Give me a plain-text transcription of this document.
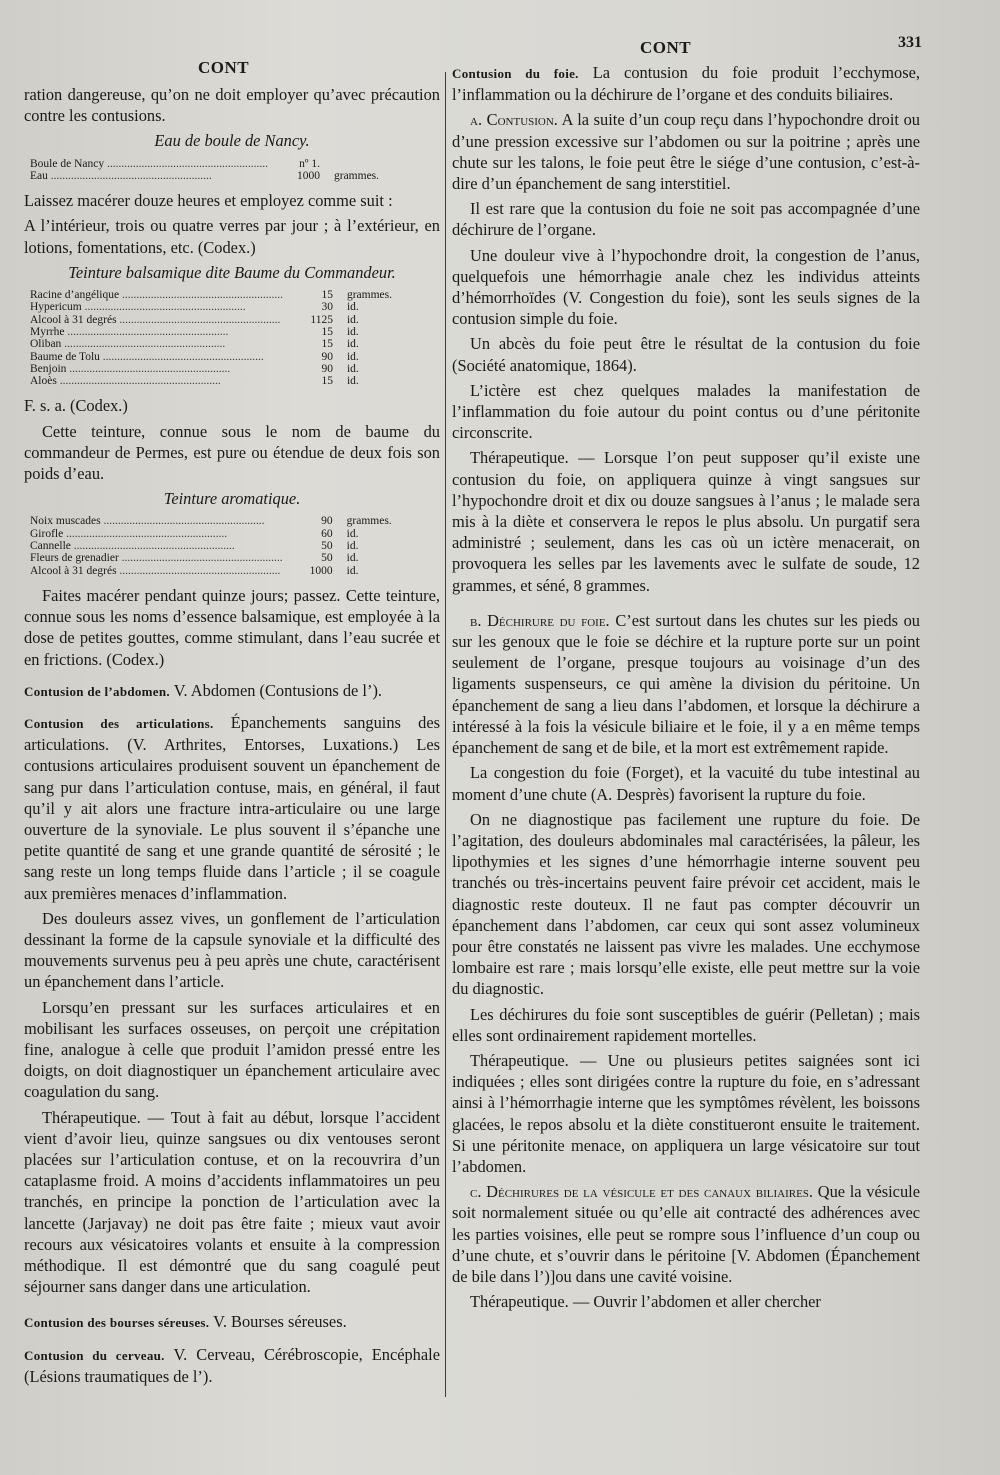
CONT
CONT	331

ration dangereuse, qu’on ne doit employer qu’avec précaution contre les contusions.

Eau de boule de Nancy.
Boule de Nancy .....	nº 1.	
Eau .....	1000	grammes.

Laissez macérer douze heures et employez comme suit :

A l’intérieur, trois ou quatre verres par jour ; à l’extérieur, en lotions, fomentations, etc. (Codex.)

Teinture balsamique dite Baume du Commandeur.
Racine d’angélique .....	15	grammes.
Hypericum .....	30	id.
Alcool à 31 degrés .....	1125	id.
Myrrhe .....	15	id.
Oliban .....	15	id.
Baume de Tolu .....	90	id.
Benjoin .....	90	id.
Aloès .....	15	id.

F. s. a. (Codex.)

Cette teinture, connue sous le nom de baume du commandeur de Permes, est pure ou étendue de deux fois son poids d’eau.

Teinture aromatique.
Noix muscades .....	90	grammes.
Girofle .....	60	id.
Cannelle .....	50	id.
Fleurs de grenadier .....	50	id.
Alcool à 31 degrés .....	1000	id.

Faites macérer pendant quinze jours; passez. Cette teinture, connue sous les noms d’essence balsamique, est employée à la dose de petites gouttes, comme stimulant, dans l’eau sucrée et en frictions. (Codex.)

Contusion de l’abdomen. V. Abdomen (Contusions de l’).

Contusion des articulations. Épanchements sanguins des articulations. (V. Arthrites, Entorses, Luxations.) Les contusions articulaires produisent souvent un épanchement de sang pur dans l’articulation contuse, mais, en général, il faut qu’il y ait alors une fracture intra-articulaire ou une large ouverture de la synoviale. Le plus souvent il s’épanche une petite quantité de sang et une grande quantité de sérosité ; le sang reste un long temps fluide dans l’article ; il se coagule aux premières menaces d’inflammation.

Des douleurs assez vives, un gonflement de l’articulation dessinant la forme de la capsule synoviale et la difficulté des mouvements survenus peu à peu après une chute, caractérisent un épanchement dans l’article.

Lorsqu’en pressant sur les surfaces articulaires et en mobilisant les surfaces osseuses, on perçoit une crépitation fine, analogue à celle que produit l’amidon pressé entre les doigts, on doit diagnostiquer un épanchement articulaire avec coagulation du sang.

Thérapeutique. — Tout à fait au début, lorsque l’accident vient d’avoir lieu, quinze sangsues ou dix ventouses seront placées sur l’articulation contuse, et on la recouvrira d’un cataplasme froid. A moins d’accidents inflammatoires un peu tranchés, en principe la ponction de l’articulation avec la lancette (Jarjavay) ne doit pas être faite ; mieux vaut avoir recours aux vésicatoires volants et ensuite à la compression méthodique. Il est démontré que du sang coagulé peut séjourner sans danger dans une articulation.

Contusion des bourses séreuses. V. Bourses séreuses.

Contusion du cerveau. V. Cerveau, Cérébroscopie, Encéphale (Lésions traumatiques de l’).

Contusion du foie. La contusion du foie produit l’ecchymose, l’inflammation ou la déchirure de l’organe et des conduits biliaires.

a. Contusion. A la suite d’un coup reçu dans l’hypochondre droit ou d’une pression excessive sur l’abdomen ou sur la poitrine ; après une chute sur les talons, le foie peut être le siége d’une contusion, c’est-à-dire d’un épanchement de sang interstitiel.

Il est rare que la contusion du foie ne soit pas accompagnée d’une déchirure de l’organe.

Une douleur vive à l’hypochondre droit, la congestion de l’anus, quelquefois une hémorrhagie anale chez les individus atteints d’hémorrhoïdes (V. Congestion du foie), sont les seuls signes de la contusion simple du foie.

Un abcès du foie peut être le résultat de la contusion du foie (Société anatomique, 1864).

L’ictère est chez quelques malades la manifestation de l’inflammation du foie autour du point contus ou d’une péritonite circonscrite.

Thérapeutique. — Lorsque l’on peut supposer qu’il existe une contusion du foie, on appliquera quinze à vingt sangsues sur l’hypochondre droit et dix ou douze sangsues à l’anus ; le malade sera mis à la diète et conservera le repos le plus absolu. Un purgatif sera administré ; seulement, dans les cas où un ictère menacerait, on provoquera les selles par les lavements avec le sulfate de soude, 12 grammes, et séné, 8 grammes.

b. Déchirure du foie. C’est surtout dans les chutes sur les pieds ou sur les genoux que le foie se déchire et la rupture porte sur un point seulement de l’organe, presque toujours au voisinage d’un des ligaments suspenseurs, ce qui amène la division du péritoine. Un épanchement de sang a lieu dans l’abdomen, et lorsque la déchirure a intéressé à la fois la vésicule biliaire et le foie, il y a en même temps épanchement de sang et de bile, et la mort est extrêmement rapide.

La congestion du foie (Forget), et la vacuité du tube intestinal au moment d’une chute (A. Desprès) favorisent la rupture du foie.

On ne diagnostique pas facilement une rupture du foie. De l’agitation, des douleurs abdominales mal caractérisées, la pâleur, les lipothymies et les signes d’une hémorrhagie interne souvent peu tranchés ou très-incertains peuvent faire prévoir cet accident, mais le diagnostic reste douteux. Il ne faut pas compter découvrir un épanchement dans l’abdomen, car ceux qui sont assez volumineux pour être constatés ne laissent pas vivre les malades. Une ecchymose lombaire est rare ; mais lorsqu’elle existe, elle peut mettre sur la voie du diagnostic.

Les déchirures du foie sont susceptibles de guérir (Pelletan) ; mais elles sont ordinairement rapidement mortelles.

Thérapeutique. — Une ou plusieurs petites saignées sont ici indiquées ; elles sont dirigées contre la rupture du foie, en s’adressant ainsi à l’hémorrhagie interne que les symptômes révèlent, les boissons glacées, le repos absolu et la diète constitueront ensuite le traitement. Si une péritonite menace, on appliquera un large vésicatoire sur tout l’abdomen.

c. Déchirures de la vésicule et des canaux biliaires. Que la vésicule soit normalement située ou qu’elle ait contracté des adhérences avec les parties voisines, elle peut se rompre sous l’influence d’un coup ou d’une chute, et s’ouvrir dans le péritoine [V. Abdomen (Épanchement de bile dans l’)]ou dans une cavité voisine.

Thérapeutique. — Ouvrir l’abdomen et aller chercher
